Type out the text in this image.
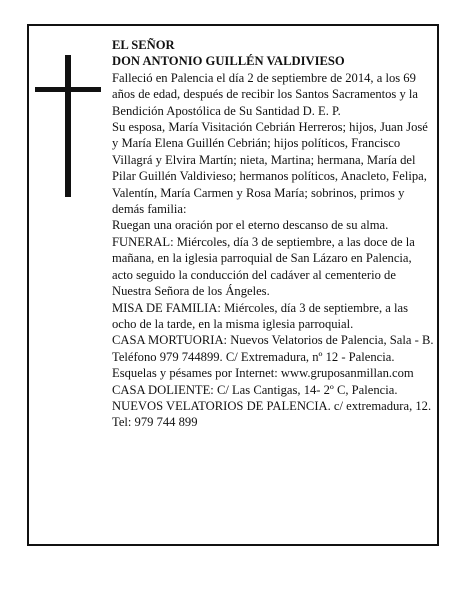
EL SEÑOR

DON ANTONIO GUILLÉN VALDIVIESO

Falleció en Palencia el día 2 de septiembre de 2014, a los 69 años de edad, después de recibir los Santos Sacramentos y la Bendición Apostólica de Su Santidad D. E. P.

Su esposa, María Visitación Cebrián Herreros; hijos, Juan José y María Elena Guillén Cebrián; hijos políticos, Francisco Villagrá y Elvira Martín; nieta, Martina; hermana, María del Pilar Guillén Valdivieso; hermanos políticos, Anacleto, Felipa, Valentín, María Carmen y Rosa María; sobrinos, primos y demás familia:

Ruegan una oración por el eterno descanso de su alma.

FUNERAL: Miércoles, día 3 de septiembre, a las doce de la mañana, en la iglesia parroquial de San Lázaro en Palencia, acto seguido la conducción del cadáver al cementerio de Nuestra Señora de los Ángeles.

MISA DE FAMILIA: Miércoles, día 3 de septiembre, a las ocho de la tarde, en la misma iglesia parroquial.

CASA MORTUORIA: Nuevos Velatorios de Palencia, Sala - B. Teléfono 979 744899. C/ Extremadura, nº 12 - Palencia.

Esquelas y pésames por Internet: www.gruposanmillan.com

CASA DOLIENTE: C/ Las Cantigas, 14- 2º C, Palencia.

NUEVOS VELATORIOS DE PALENCIA. c/ extremadura, 12. Tel: 979 744 899
